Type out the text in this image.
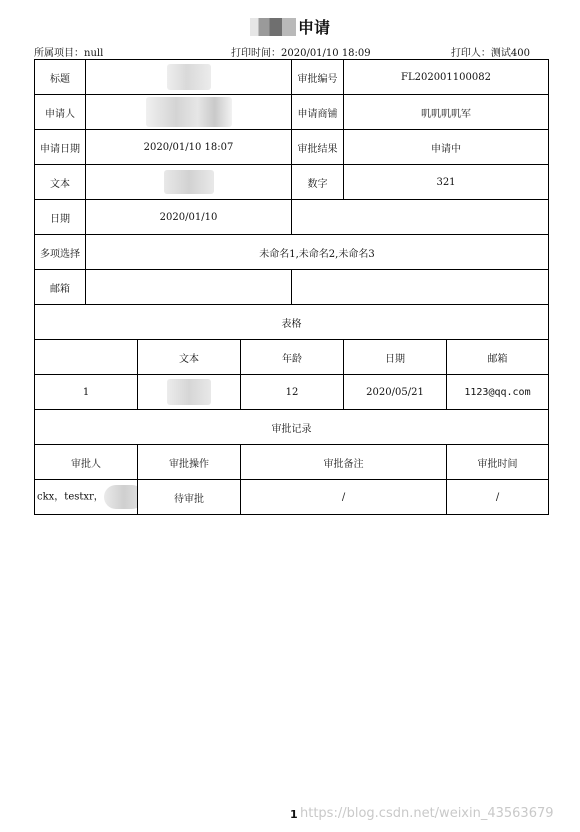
申请
所属项目：null	打印时间：2020/01/10 18:09	打印人：测试400
标题				审批编号	FL202001100082	
申请人				申请商铺	叽叽叽叽军	
申请日期	2020/01/10 18:07			审批结果	申请中	
文本				数字	321	
日期	2020/01/10					
多项选择	未命名1,未命名2,未命名3					
邮箱						
表格						
		文本	年龄		日期	邮箱
1			12		2020/05/21	1123@qq.com
审批记录						
审批人		审批操作	审批备注			审批时间
ckx，testxr，		待审批	/			/
1 https://blog.csdn.net/weixin_43563679
